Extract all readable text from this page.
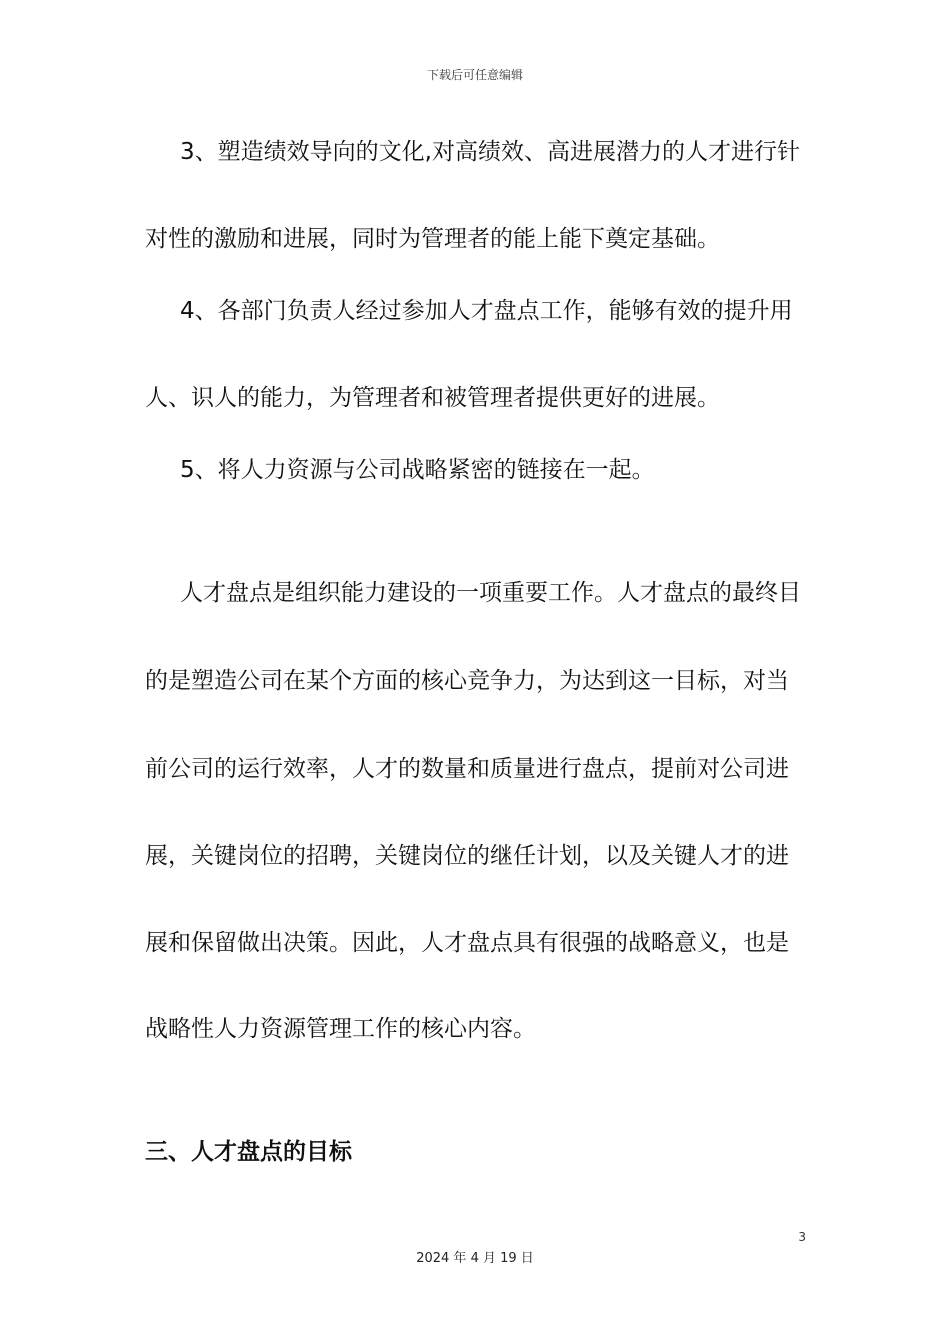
下载后可任意编辑

3、塑造绩效导向的文化,对高绩效、高进展潜力的人才进行针

对性的激励和进展，同时为管理者的能上能下奠定基础。

4、各部门负责人经过参加人才盘点工作，能够有效的提升用

人、识人的能力，为管理者和被管理者提供更好的进展。

5、将人力资源与公司战略紧密的链接在一起。

人才盘点是组织能力建设的一项重要工作。人才盘点的最终目

的是塑造公司在某个方面的核心竞争力，为达到这一目标，对当

前公司的运行效率，人才的数量和质量进行盘点，提前对公司进

展，关键岗位的招聘，关键岗位的继任计划，以及关键人才的进

展和保留做出决策。因此，人才盘点具有很强的战略意义，也是

战略性人力资源管理工作的核心内容。

三、人才盘点的目标
3
2024 年 4 月 19 日
